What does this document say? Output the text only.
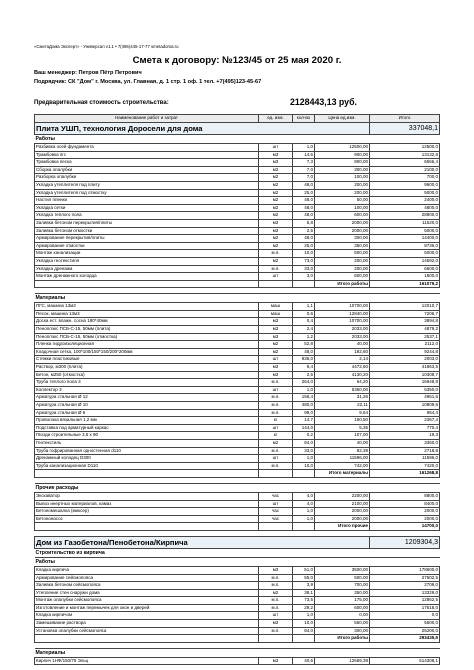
«СметаДома Эксперт» - Универсал v1.1 • 7(495)445-17-77 smetadoma.ru
Смета к договору: №123/45 от 25 мая 2020 г.
Ваш менеджер: Петров Пётр Петрович
Подрядчик: СК "Дом" г. Москва, ул. Главная, д. 1 стр. 1 оф. 1 тел. +7(495)123-45-67
Предварительная стоимость строительства:	2128443,13 руб.
Наименование работ и затрат	ед. изм.	кол-во	Цена ед.изм.	Итого
Плита УШП, технология Доросели для дома				337048,1
Работы				
Разбивка осей фундамента	шт	1,0	12500,00	12500,0
Трамбовка пгс	м3	14,6	900,00	13132,8
Трамбовка песка	м3	7,3	900,00	6566,4
Сборка опалубки	м2	7,0	300,00	2100,0
Разборка опалубки	м2	7,0	100,00	700,0
Укладка утеплителя под плиту	м2	48,0	200,00	9600,0
Укладка утеплителя под отмостку	м2	25,0	200,00	5000,0
Настил пленки	м2	48,0	50,00	2400,0
Укладка сетки	м2	48,0	100,00	4800,0
Укладка теплого пола	м2	48,0	600,00	28800,0
Заливка бетоном перекрытия/плиты	м3	5,8	2000,00	11520,0
Заливка бетоном отмостки	м3	2,5	2000,00	5000,0
Армирование перекрытия/плиты	м2	48,0	300,00	14400,0
Армирование отмостки	м2	25,0	350,00	8736,0
Монтаж канализации	м.п.	10,0	500,00	5000,0
Укладка геотекстиля	м2	73,0	200,00	14592,0
Укладка дренажа	м.п.	33,0	200,00	6600,0
Монтаж дренажного колодца	шт	3,0	600,00	1800,0
			Итого работы	161079,2

Материалы				
ПГС, машина 13м3	маш	1,1	10700,00	12010,7
Песок, машина 13м3	маш	0,6	12840,00	7206,7
Доска ест. влажн. сосна 180*40мм	м3	0,4	10700,00	3894,8
Пеноплэкс ПСБ-С-15, 50мм (плита)	м3	2,4	2033,00	4879,2
Пеноплэкс ПСБ-С-15, 50мм (отмостка)	м3	1,2	2033,00	2537,1
Пленка гидроизоляционная	м2	52,8	40,00	2112,0
Кладочная сетка, 100*100/150*150/200*200мм	м2	48,0	192,60	9244,8
Стяжки пластиковые	шт	936,0	2,14	2003,0
Раствор, м300 (плита)	м3	9,4	4472,60	41863,5
Бетон, м250 (отмостка)	м3	2,5	4130,20	10308,7
Труба теплого пола 3	м.п.	264,0	64,20	16948,8
Коллектор 3	шт	1,0	5350,00	5350,0
Арматура стальная Ø 12	м.п.	158,4	31,26	4951,6
Арматура стальная Ø 10	м.п.	480,0	22,11	10809,6
Арматура стальная Ø 6	м.п.	99,0	9,64	954,4
Проволока вязальная 1,2 мм	кг	14,7	160,50	2367,4
Подставка под арматурный каркас	шт	144,0	5,35	770,4
Гвозди строительные 3,5 х 90	кг	0,2	107,00	19,3
Геотекстиль	м2	84,0	40,00	3360,0
Труба гофрированная одностенная d110	м.п.	33,0	82,39	2718,8
Дренажный колодец D300	шт	1,0	11596,00	11596,0
Труба канализационная D110	м.п.	10,0	742,00	7420,0
			Итого материалы	161268,8

Прочие расходы				
Экскаватор	час	4,0	2200,00	8800,0
Вывоз инертных материалов, камаз	шт	4,0	2100,00	8400,0
Бетономешалка (миксер)	час	1,0	2000,00	2000,0
Бетононасос	час	1,0	2000,00	2000,0
			Итого прочие	14700,0

Дом из Газобетона/Пенобетона/Кирпича				1209304,3
Строительство из кирпича				
Работы				
Кладка кирпича	м3	51,0	3500,00	178600,0
Армирование сейсмопояса	м.п.	55,0	500,00	27502,5
Заливка бетоном сейсмопояса	м.п.	3,9	700,00	2709,0
Утепление стен снаружи дома	м2	38,1	350,00	13329,0
Монтаж опалубки сейсмопояса	м.п.	73,5	175,00	12862,5
Изготовление и монтаж перемычек для окон и дверей	м.п.	29,2	600,00	17518,0
Кладка кирпичом	шт	1,0	0,00	0,0
Замешивание раствора	м3	10,0	560,00	5600,0
Установка опалубки сейсмопояса	м.п.	84,0	300,00	25200,0
			Итого работы	293435,5

Материалы				
Кирпич 1НФ/150/75 Эльц	м3	40,6	12669,39	514308,1
